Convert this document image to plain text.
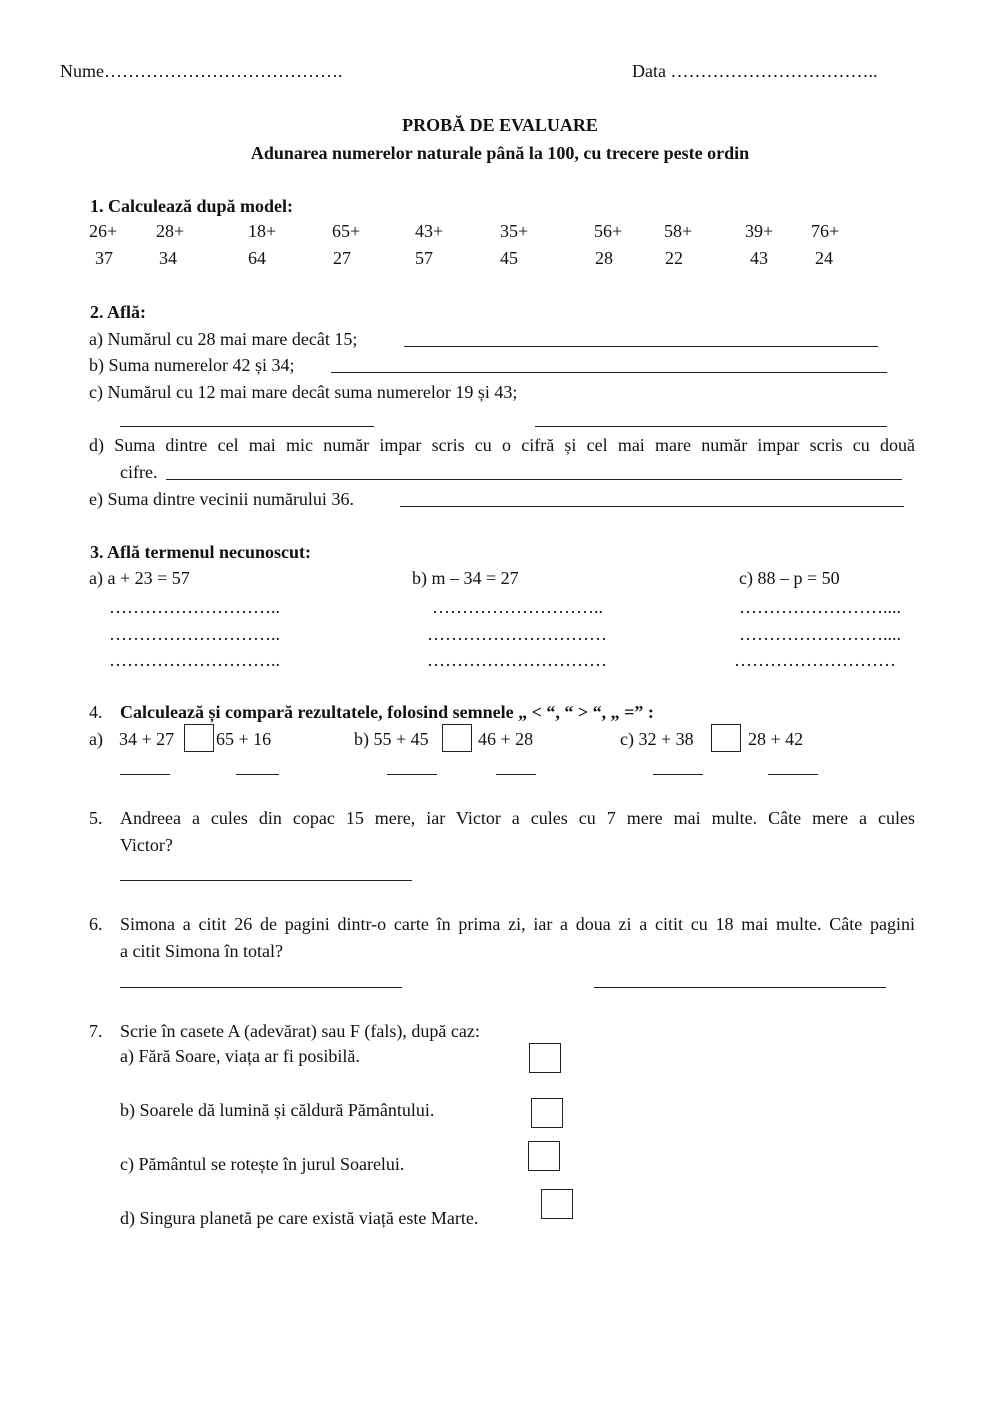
Nume………………………………….	Data ……………………………..
PROBĂ DE EVALUARE
Adunarea numerelor naturale până la 100, cu trecere peste ordin
1. Calculează după model:
26+ 28+	18+	65+	43+	35+	56+ 58+	39+ 76+
37	34	64	27	57	45	28	22	43	24
2. Află:
a) Numărul cu 28 mai mare decât 15;
b) Suma numerelor 42 și 34;
c) Numărul cu 12 mai mare decât suma numerelor 19 și 43;
d) Suma dintre cel mai mic număr impar scris cu o cifră și cel mai mare număr impar scris cu două
cifre.
e) Suma dintre vecinii numărului 36.
3. Află termenul necunoscut:
a) a + 23 = 57	b) m – 34 = 27	c) 88 – p = 50
………………………..
………………………..
………………………..
………………………..
…………………………
…………………………
……………………....
……………………....
………………………
4. Calculează și compară rezultatele, folosind semnele „ < “, “ > “, „ =” :
a) 34 + 27 65 + 16	b) 55 + 45	46 + 28	c) 32 + 38	28 + 42
5. Andreea a cules din copac 15 mere, iar Victor a cules cu 7 mere mai multe. Câte mere a cules
Victor?
6. Simona a citit 26 de pagini dintr-o carte în prima zi, iar a doua zi a citit cu 18 mai multe. Câte pagini
a citit Simona în total?
7. Scrie în casete A (adevărat) sau F (fals), după caz:
a) Fără Soare, viața ar fi posibilă.
b) Soarele dă lumină și căldură Pământului.
c) Pământul se rotește în jurul Soarelui.
d) Singura planetă pe care există viață este Marte.
